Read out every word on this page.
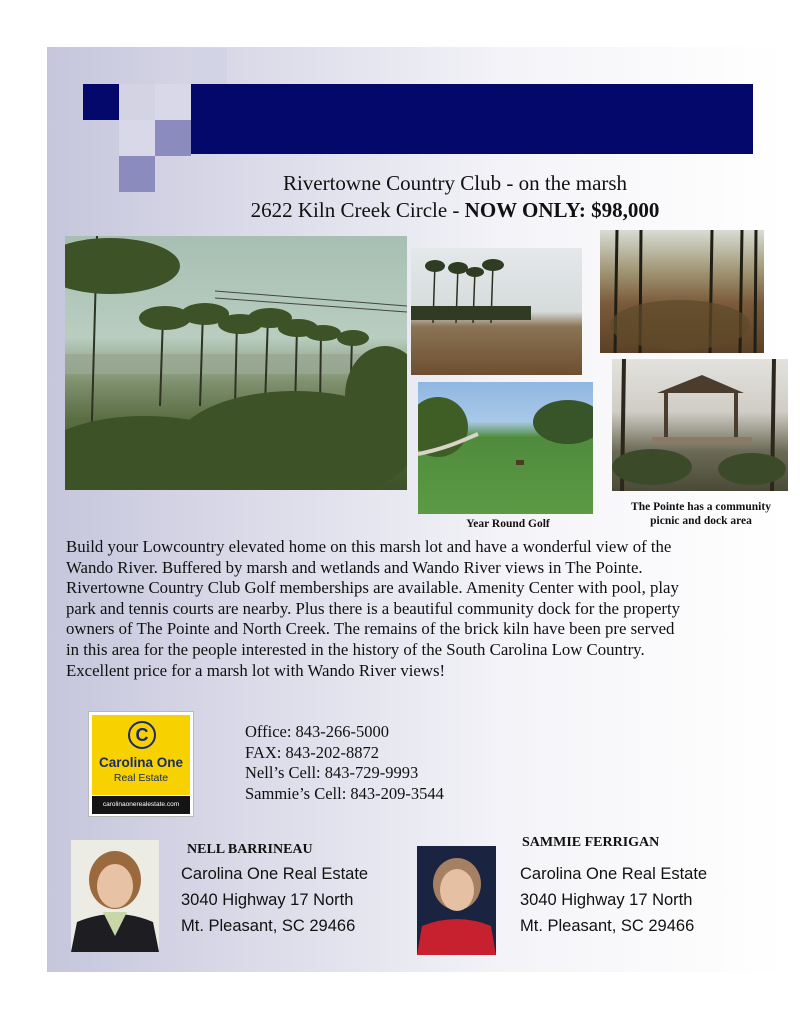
Rivertowne Country Club - on the marsh
2622 Kiln Creek Circle - NOW ONLY: $98,000
Year Round Golf
The Pointe has a community
picnic and dock area
Build your Lowcountry elevated home on this marsh lot and have a wonderful view of the
Wando River. Buffered by marsh and wetlands and Wando River views in The Pointe.
Rivertowne Country Club Golf memberships are available. Amenity Center with pool, play
park and tennis courts are nearby. Plus there is a beautiful community dock for the property
owners of The Pointe and North Creek. The remains of the brick kiln have been pre served
in this area for the people interested in the history of the South Carolina Low Country.
Excellent price for a marsh lot with Wando River views!
C
Carolina One
Real Estate
carolinaonerealestate.com
Office: 843-266-5000
FAX: 843-202-8872
Nell’s Cell: 843-729-9993
Sammie’s Cell: 843-209-3544
NELL BARRINEAU
Carolina One Real Estate
3040 Highway 17 North
Mt. Pleasant, SC 29466
SAMMIE FERRIGAN
Carolina One Real Estate
3040 Highway 17 North
Mt. Pleasant, SC 29466
